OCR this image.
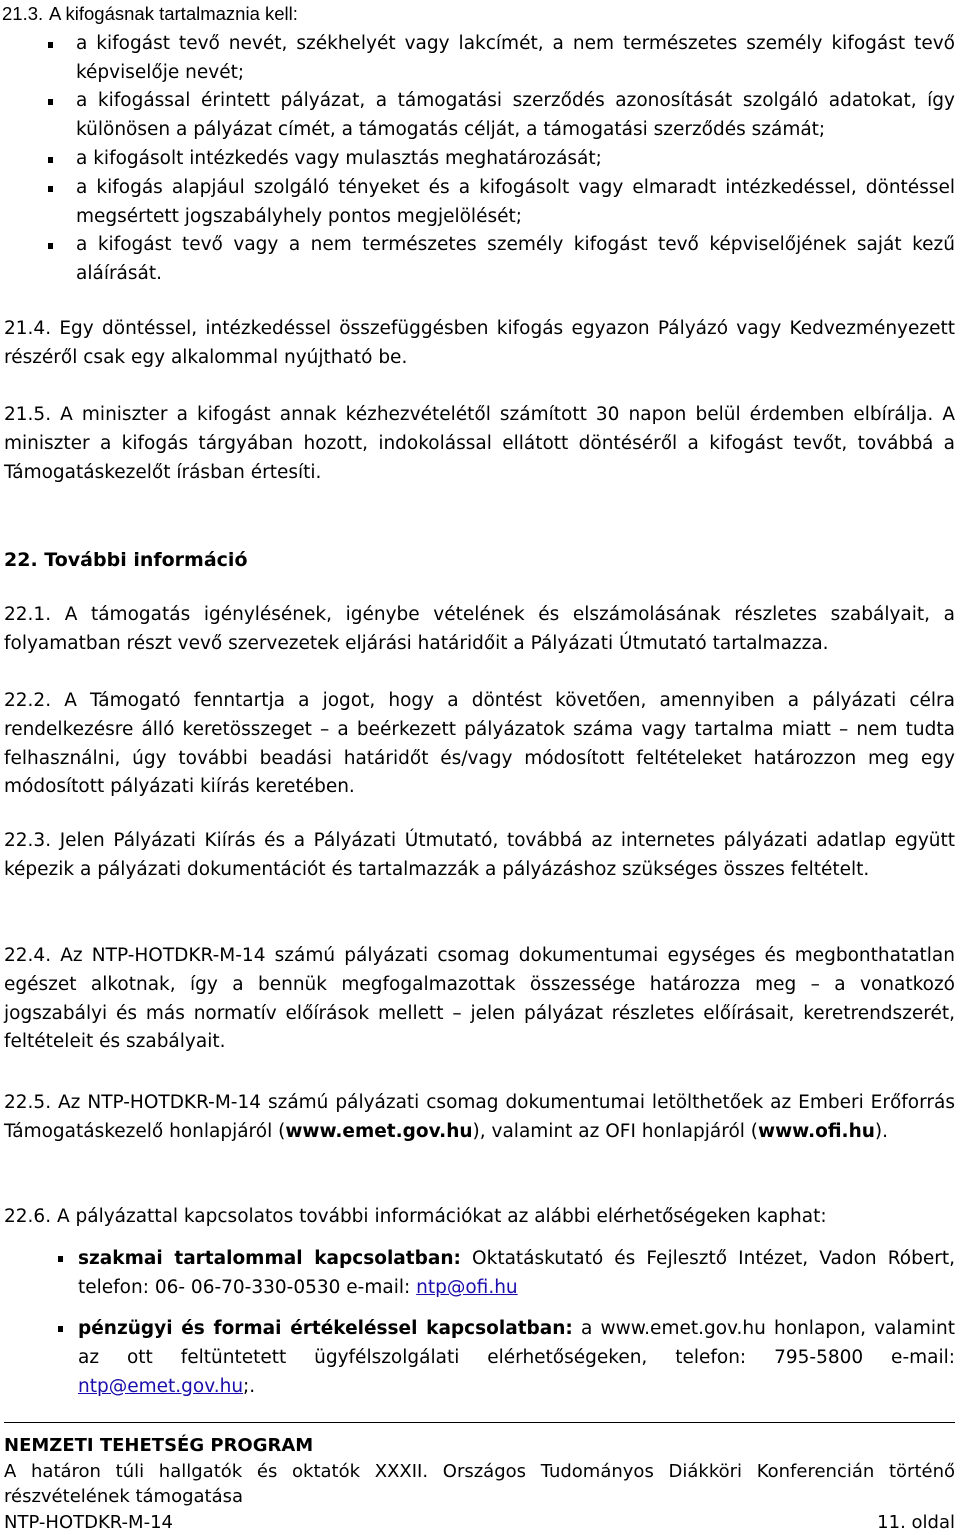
21.3. A kifogásnak tartalmaznia kell:

a kifogást tevő nevét, székhelyét vagy lakcímét, a nem természetes személy kifogást tevő képviselője nevét;
a kifogással érintett pályázat, a támogatási szerződés azonosítását szolgáló adatokat, így különösen a pályázat címét, a támogatás célját, a támogatási szerződés számát;
a kifogásolt intézkedés vagy mulasztás meghatározását;
a kifogás alapjául szolgáló tényeket és a kifogásolt vagy elmaradt intézkedéssel, döntéssel megsértett jogszabályhely pontos megjelölését;
a kifogást tevő vagy a nem természetes személy kifogást tevő képviselőjének saját kezű aláírását.

21.4. Egy döntéssel, intézkedéssel összefüggésben kifogás egyazon Pályázó vagy Kedvezményezett részéről csak egy alkalommal nyújtható be.

21.5. A miniszter a kifogást annak kézhezvételétől számított 30 napon belül érdemben elbírálja. A miniszter a kifogás tárgyában hozott, indokolással ellátott döntéséről a kifogást tevőt, továbbá a Támogatáskezelőt írásban értesíti.

22. További információ

22.1. A támogatás igénylésének, igénybe vételének és elszámolásának részletes szabályait, a folyamatban részt vevő szervezetek eljárási határidőit a Pályázati Útmutató tartalmazza.

22.2. A Támogató fenntartja a jogot, hogy a döntést követően, amennyiben a pályázati célra rendelkezésre álló keretösszeget – a beérkezett pályázatok száma vagy tartalma miatt – nem tudta felhasználni, úgy további beadási határidőt és/vagy módosított feltételeket határozzon meg egy módosított pályázati kiírás keretében.

22.3. Jelen Pályázati Kiírás és a Pályázati Útmutató, továbbá az internetes pályázati adatlap együtt képezik a pályázati dokumentációt és tartalmazzák a pályázáshoz szükséges összes feltételt.

22.4. Az NTP-HOTDKR-M-14 számú pályázati csomag dokumentumai egységes és megbonthatatlan egészet alkotnak, így a bennük megfogalmazottak összessége határozza meg – a vonatkozó jogszabályi és más normatív előírások mellett – jelen pályázat részletes előírásait, keretrendszerét, feltételeit és szabályait.

22.5. Az NTP-HOTDKR-M-14 számú pályázati csomag dokumentumai letölthetőek az Emberi Erőforrás Támogatáskezelő honlapjáról (www.emet.gov.hu), valamint az OFI honlapjáról (www.ofi.hu).

22.6. A pályázattal kapcsolatos további információkat az alábbi elérhetőségeken kaphat:

szakmai tartalommal kapcsolatban: Oktatáskutató és Fejlesztő Intézet, Vadon Róbert, telefon: 06- 06-70-330-0530 e-mail: ntp@ofi.hu
pénzügyi és formai értékeléssel kapcsolatban: a www.emet.gov.hu honlapon, valamint az ott feltüntetett ügyfélszolgálati elérhetőségeken, telefon: 795-5800 e-mail: ntp@emet.gov.hu;.

NEMZETI TEHETSÉG PROGRAM

A határon túli hallgatók és oktatók XXXII. Országos Tudományos Diákköri Konferencián történő részvételének támogatása

NTP-HOTDKR-M-14	11. oldal
